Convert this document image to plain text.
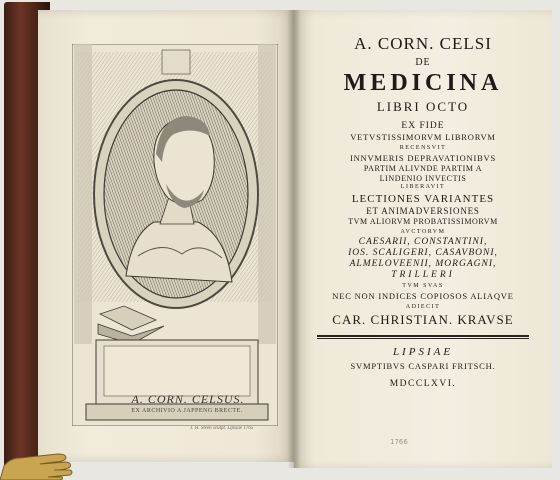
A. CORN. CELSUS.
EX ARCHIVIO A JAPPENG BRECTE.
J. H. Steen sculpt. Lipsiae 1765
A. CORN. CELSI
DE
MEDICINA
LIBRI OCTO
EX FIDE
VETVSTISSIMORVM LIBRORVM
RECENSVIT
INNVMERIS DEPRAVATIONIBVS
PARTIM ALIVNDE PARTIM A
LINDENIO INVECTIS
LIBERAVIT
LECTIONES VARIANTES
ET ANIMADVERSIONES
TVM ALIORVM PROBATISSIMORVM
AVCTORVM
CAESARII, CONSTANTINI,
IOS. SCALIGERI, CASAVBONI,
ALMELOVEENII, MORGAGNI,
TRILLERI
TVM SVAS
NEC NON INDICES COPIOSOS ALIAQVE
ADIECIT
CAR. CHRISTIAN. KRAVSE
LIPSIAE
SVMPTIBVS CASPARI FRITSCH.
MDCCLXVI.
1766
